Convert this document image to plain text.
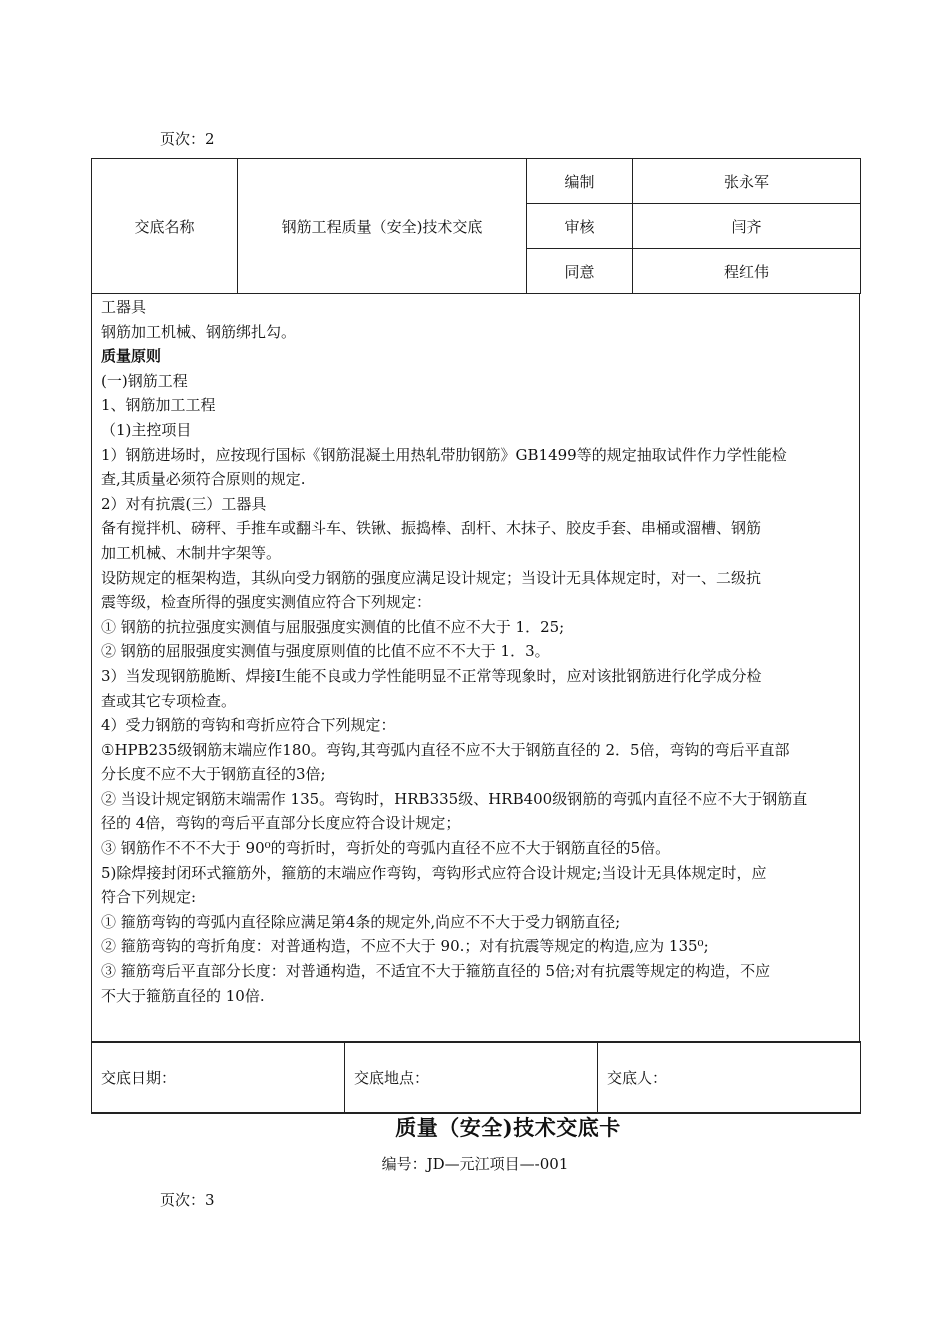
页次：2
交底名称	钢筋工程质量（安全)技术交底	编制	张永军
		审核	闫齐
		同意	程红伟

工器具

钢筋加工机械、钢筋绑扎勾。

质量原则

(一)钢筋工程

1、钢筋加工工程

（1)主控项目

1）钢筋进场时，应按现行国标《钢筋混凝土用热轧带肋钢筋》GB1499等的规定抽取试件作力学性能检

查,其质量必须符合原则的规定.

2）对有抗震(三）工器具

备有搅拌机、磅秤、手推车或翻斗车、铁锹、振捣棒、刮杆、木抹子、胶皮手套、串桶或溜槽、钢筋

加工机械、木制井字架等。

设防规定的框架构造，其纵向受力钢筋的强度应满足设计规定；当设计无具体规定时，对一、二级抗

震等级，检查所得的强度实测值应符合下列规定：

① 钢筋的抗拉强度实测值与屈服强度实测值的比值不应不大于 1．25;

② 钢筋的屈服强度实测值与强度原则值的比值不应不不大于 1．3。

3）当发现钢筋脆断、焊接Ⅰ生能不良或力学性能明显不正常等现象时，应对该批钢筋进行化学成分检

查或其它专项检查。

4）受力钢筋的弯钩和弯折应符合下列规定：

①HPB235级钢筋末端应作180。弯钩,其弯弧内直径不应不大于钢筋直径的 2．5倍，弯钩的弯后平直部

分长度不应不大于钢筋直径的3倍;

② 当设计规定钢筋末端需作 135。弯钩时，HRB335级、HRB400级钢筋的弯弧内直径不应不大于钢筋直

径的 4倍，弯钩的弯后平直部分长度应符合设计规定；

③ 钢筋作不不不大于 90⁰的弯折时，弯折处的弯弧内直径不应不大于钢筋直径的5倍。

5)除焊接封闭环式箍筋外，箍筋的末端应作弯钩，弯钩形式应符合设计规定;当设计无具体规定时，应

符合下列规定:

① 箍筋弯钩的弯弧内直径除应满足第4条的规定外,尚应不不大于受力钢筋直径;

② 箍筋弯钩的弯折角度：对普通构造，不应不大于 90.；对有抗震等规定的构造,应为 135⁰;

③ 箍筋弯后平直部分长度：对普通构造，不适宜不大于箍筋直径的 5倍;对有抗震等规定的构造，不应

不大于箍筋直径的 10倍.

交底日期：	交底地点：	交底人：
质量（安全)技术交底卡
编号：JD—元江项目—-001
页次：3
